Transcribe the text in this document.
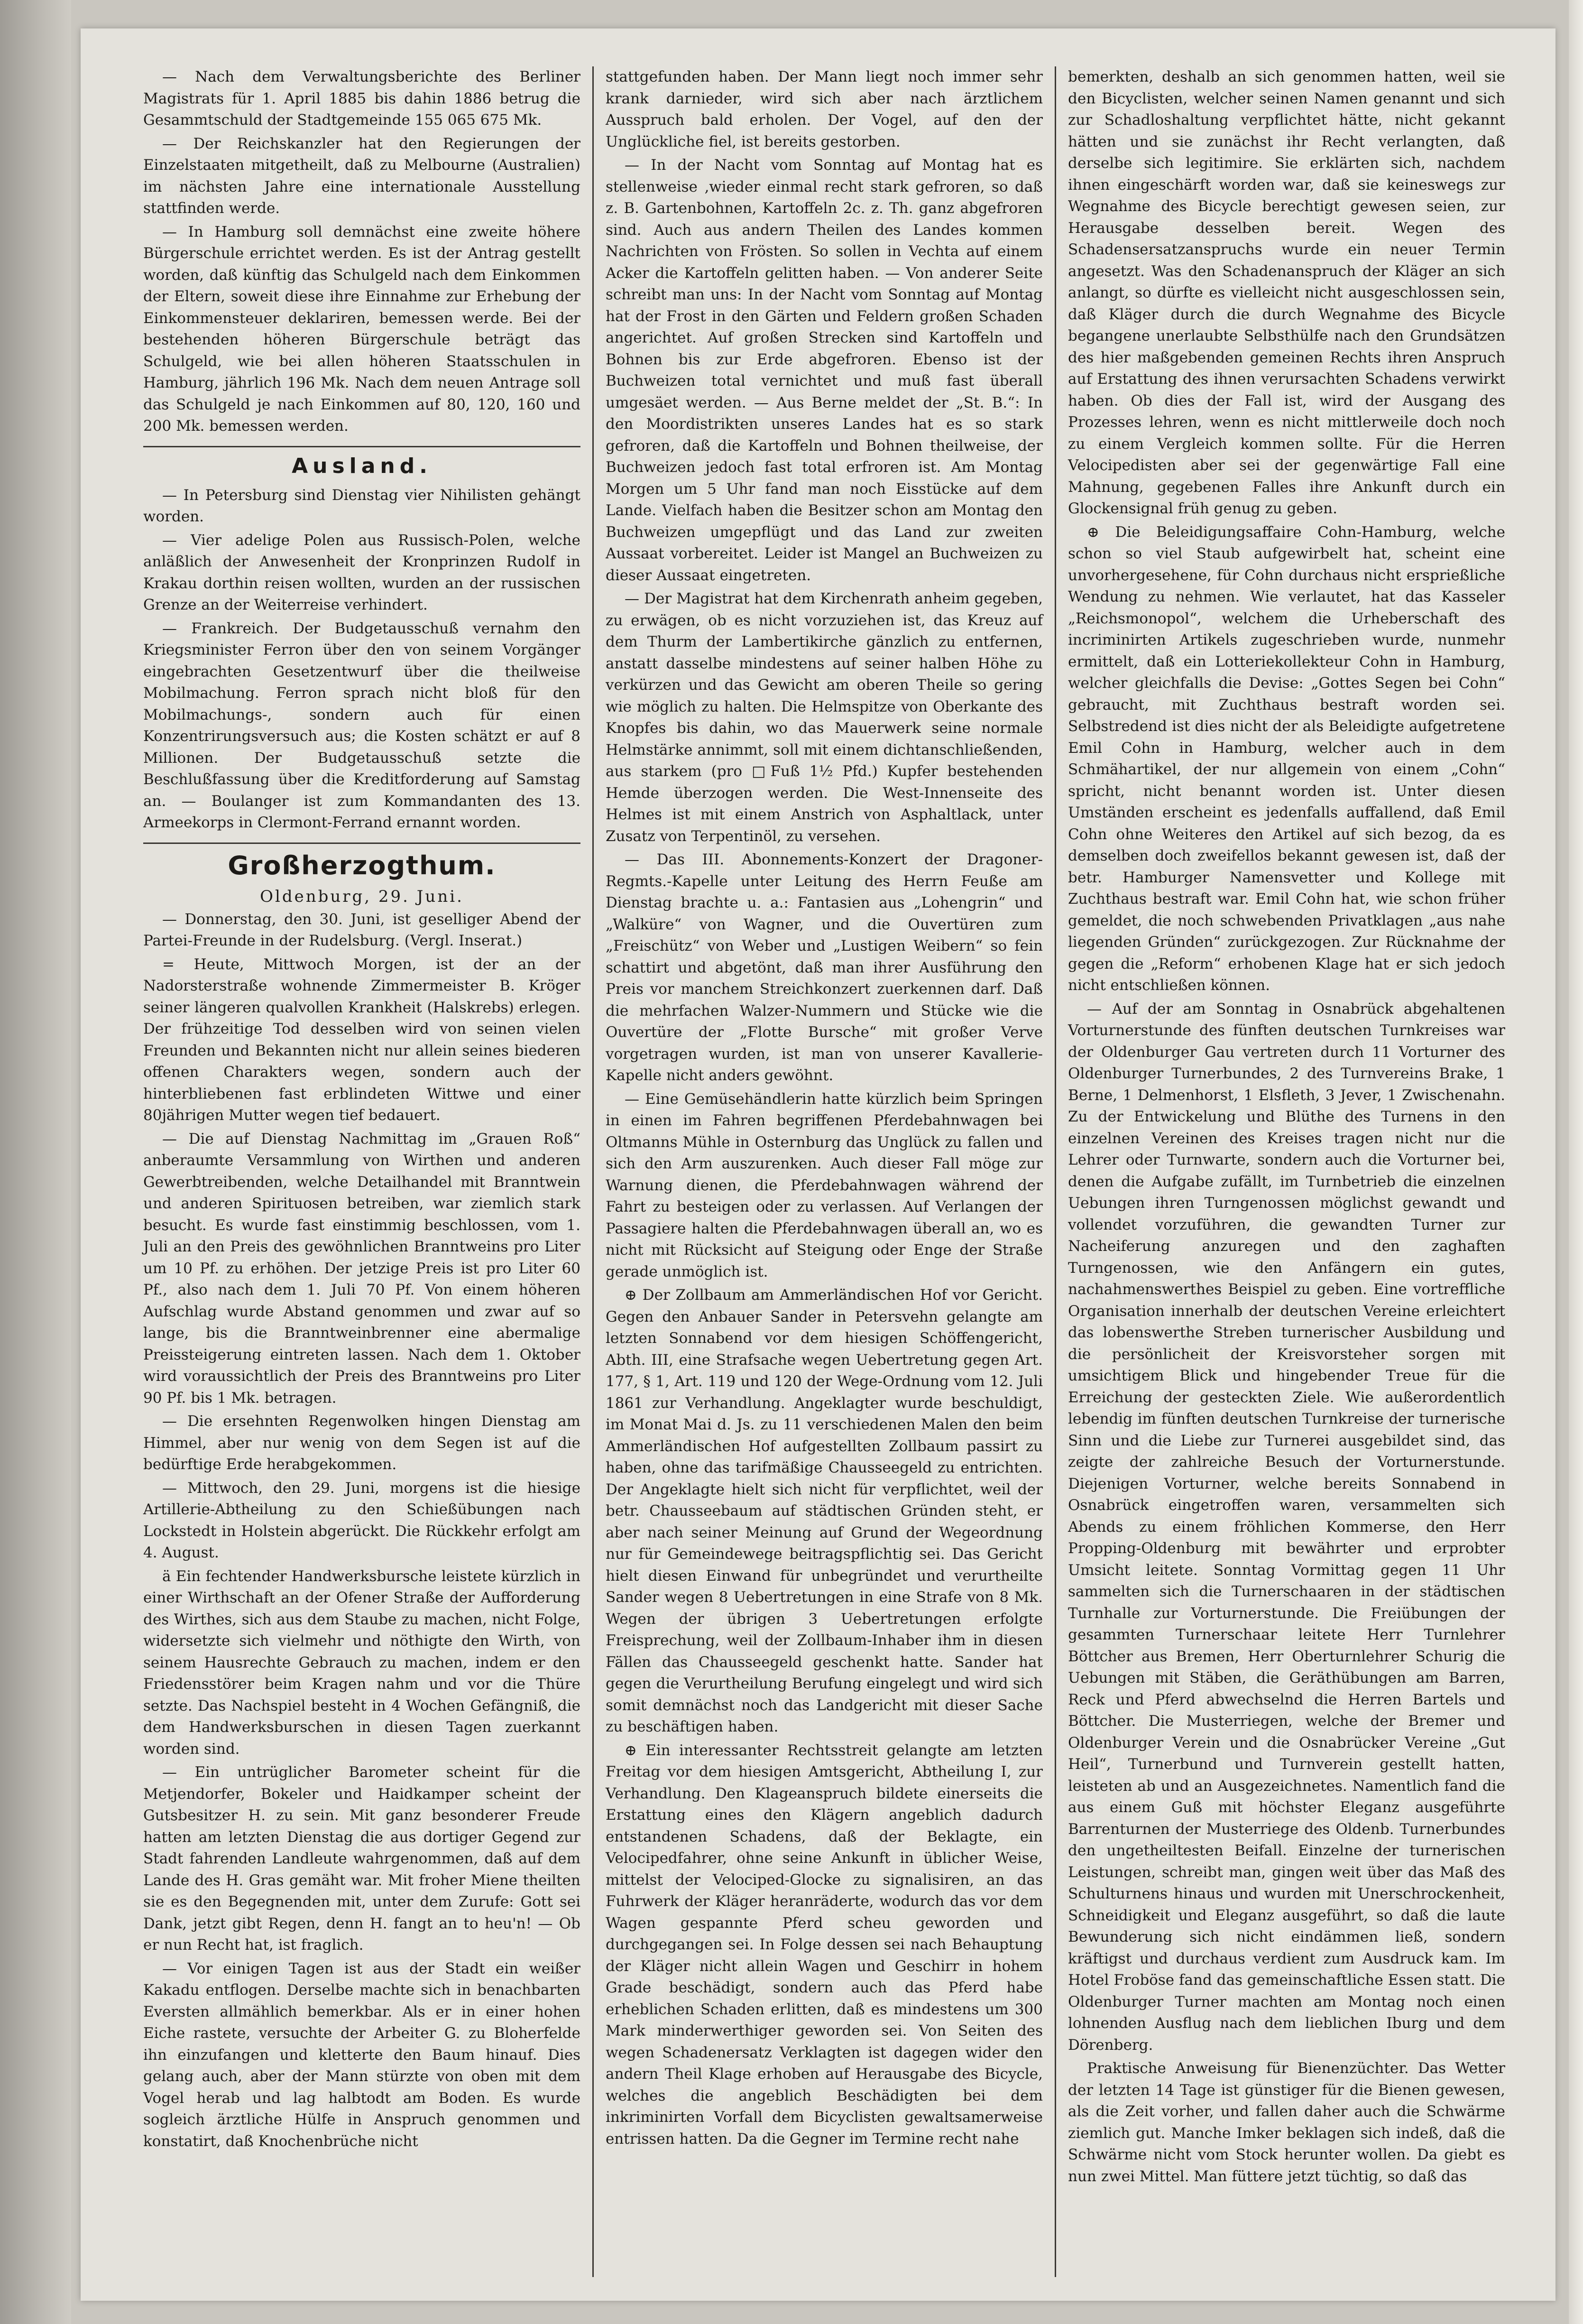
— Nach dem Verwaltungsberichte des Berliner Magistrats für 1. April 1885 bis dahin 1886 betrug die Gesammtschuld der Stadtgemeinde 155 065 675 Mk.

— Der Reichskanzler hat den Regierungen der Einzelstaaten mitgetheilt, daß zu Melbourne (Australien) im nächsten Jahre eine internationale Ausstellung stattfinden werde.

— In Hamburg soll demnächst eine zweite höhere Bürgerschule errichtet werden. Es ist der Antrag gestellt worden, daß künftig das Schulgeld nach dem Einkommen der Eltern, soweit diese ihre Einnahme zur Erhebung der Einkommensteuer deklariren, bemessen werde. Bei der bestehenden höheren Bürgerschule beträgt das Schulgeld, wie bei allen höheren Staatsschulen in Hamburg, jährlich 196 Mk. Nach dem neuen Antrage soll das Schulgeld je nach Einkommen auf 80, 120, 160 und 200 Mk. bemessen werden.

Ausland.

— In Petersburg sind Dienstag vier Nihilisten gehängt worden.

— Vier adelige Polen aus Russisch-Polen, welche anläßlich der Anwesenheit der Kronprinzen Rudolf in Krakau dorthin reisen wollten, wurden an der russischen Grenze an der Weiterreise verhindert.

— Frankreich. Der Budgetausschuß vernahm den Kriegsminister Ferron über den von seinem Vorgänger eingebrachten Gesetzentwurf über die theilweise Mobilmachung. Ferron sprach nicht bloß für den Mobilmachungs-, sondern auch für einen Konzentrirungsversuch aus; die Kosten schätzt er auf 8 Millionen. Der Budgetausschuß setzte die Beschlußfassung über die Kreditforderung auf Samstag an. — Boulanger ist zum Kommandanten des 13. Armeekorps in Clermont-Ferrand ernannt worden.

Großherzogthum.
Oldenburg, 29. Juni.

— Donnerstag, den 30. Juni, ist geselliger Abend der Partei-Freunde in der Rudelsburg. (Vergl. Inserat.)

= Heute, Mittwoch Morgen, ist der an der Nadorsterstraße wohnende Zimmermeister B. Kröger seiner längeren qualvollen Krankheit (Halskrebs) erlegen. Der frühzeitige Tod desselben wird von seinen vielen Freunden und Bekannten nicht nur allein seines biederen offenen Charakters wegen, sondern auch der hinterbliebenen fast erblindeten Wittwe und einer 80jährigen Mutter wegen tief bedauert.

— Die auf Dienstag Nachmittag im „Grauen Roß“ anberaumte Versammlung von Wirthen und anderen Gewerbtreibenden, welche Detailhandel mit Branntwein und anderen Spirituosen betreiben, war ziemlich stark besucht. Es wurde fast einstimmig beschlossen, vom 1. Juli an den Preis des gewöhnlichen Branntweins pro Liter um 10 Pf. zu erhöhen. Der jetzige Preis ist pro Liter 60 Pf., also nach dem 1. Juli 70 Pf. Von einem höheren Aufschlag wurde Abstand genommen und zwar auf so lange, bis die Branntweinbrenner eine abermalige Preissteigerung eintreten lassen. Nach dem 1. Oktober wird voraussichtlich der Preis des Branntweins pro Liter 90 Pf. bis 1 Mk. betragen.

— Die ersehnten Regenwolken hingen Dienstag am Himmel, aber nur wenig von dem Segen ist auf die bedürftige Erde herabgekommen.

— Mittwoch, den 29. Juni, morgens ist die hiesige Artillerie-Abtheilung zu den Schießübungen nach Lockstedt in Holstein abgerückt. Die Rückkehr erfolgt am 4. August.

ä Ein fechtender Handwerksbursche leistete kürzlich in einer Wirthschaft an der Ofener Straße der Aufforderung des Wirthes, sich aus dem Staube zu machen, nicht Folge, widersetzte sich vielmehr und nöthigte den Wirth, von seinem Hausrechte Gebrauch zu machen, indem er den Friedensstörer beim Kragen nahm und vor die Thüre setzte. Das Nachspiel besteht in 4 Wochen Gefängniß, die dem Handwerksburschen in diesen Tagen zuerkannt worden sind.

— Ein untrüglicher Barometer scheint für die Metjendorfer, Bokeler und Haidkamper scheint der Gutsbesitzer H. zu sein. Mit ganz besonderer Freude hatten am letzten Dienstag die aus dortiger Gegend zur Stadt fahrenden Landleute wahrgenommen, daß auf dem Lande des H. Gras gemäht war. Mit froher Miene theilten sie es den Begegnenden mit, unter dem Zurufe: Gott sei Dank, jetzt gibt Regen, denn H. fangt an to heu'n! — Ob er nun Recht hat, ist fraglich.

— Vor einigen Tagen ist aus der Stadt ein weißer Kakadu entflogen. Derselbe machte sich in benachbarten Eversten allmählich bemerkbar. Als er in einer hohen Eiche rastete, versuchte der Arbeiter G. zu Bloherfelde ihn einzufangen und kletterte den Baum hinauf. Dies gelang auch, aber der Mann stürzte von oben mit dem Vogel herab und lag halbtodt am Boden. Es wurde sogleich ärztliche Hülfe in Anspruch genommen und konstatirt, daß Knochenbrüche nicht

stattgefunden haben. Der Mann liegt noch immer sehr krank darnieder, wird sich aber nach ärztlichem Ausspruch bald erholen. Der Vogel, auf den der Unglückliche fiel, ist bereits gestorben.

— In der Nacht vom Sonntag auf Montag hat es stellenweise ‚wieder einmal recht stark gefroren, so daß z. B. Gartenbohnen, Kartoffeln 2c. z. Th. ganz abgefroren sind. Auch aus andern Theilen des Landes kommen Nachrichten von Frösten. So sollen in Vechta auf einem Acker die Kartoffeln gelitten haben. — Von anderer Seite schreibt man uns: In der Nacht vom Sonntag auf Montag hat der Frost in den Gärten und Feldern großen Schaden angerichtet. Auf großen Strecken sind Kartoffeln und Bohnen bis zur Erde abgefroren. Ebenso ist der Buchweizen total vernichtet und muß fast überall umgesäet werden. — Aus Berne meldet der „St. B.“: In den Moordistrikten unseres Landes hat es so stark gefroren, daß die Kartoffeln und Bohnen theilweise, der Buchweizen jedoch fast total erfroren ist. Am Montag Morgen um 5 Uhr fand man noch Eisstücke auf dem Lande. Vielfach haben die Besitzer schon am Montag den Buchweizen umgepflügt und das Land zur zweiten Aussaat vorbereitet. Leider ist Mangel an Buchweizen zu dieser Aussaat eingetreten.

— Der Magistrat hat dem Kirchenrath anheim gegeben, zu erwägen, ob es nicht vorzuziehen ist, das Kreuz auf dem Thurm der Lambertikirche gänzlich zu entfernen, anstatt dasselbe mindestens auf seiner halben Höhe zu verkürzen und das Gewicht am oberen Theile so gering wie möglich zu halten. Die Helmspitze von Oberkante des Knopfes bis dahin, wo das Mauerwerk seine normale Helmstärke annimmt, soll mit einem dichtanschließenden, aus starkem (pro □Fuß 1½ Pfd.) Kupfer bestehenden Hemde überzogen werden. Die West-Innenseite des Helmes ist mit einem Anstrich von Asphaltlack, unter Zusatz von Terpentinöl, zu versehen.

— Das III. Abonnements-Konzert der Dragoner-Regmts.-Kapelle unter Leitung des Herrn Feuße am Dienstag brachte u. a.: Fantasien aus „Lohengrin“ und „Walküre“ von Wagner, und die Ouvertüren zum „Freischütz“ von Weber und „Lustigen Weibern“ so fein schattirt und abgetönt, daß man ihrer Ausführung den Preis vor manchem Streichkonzert zuerkennen darf. Daß die mehrfachen Walzer-Nummern und Stücke wie die Ouvertüre der „Flotte Bursche“ mit großer Verve vorgetragen wurden, ist man von unserer Kavallerie-Kapelle nicht anders gewöhnt.

— Eine Gemüsehändlerin hatte kürzlich beim Springen in einen im Fahren begriffenen Pferdebahnwagen bei Oltmanns Mühle in Osternburg das Unglück zu fallen und sich den Arm auszurenken. Auch dieser Fall möge zur Warnung dienen, die Pferdebahnwagen während der Fahrt zu besteigen oder zu verlassen. Auf Verlangen der Passagiere halten die Pferdebahnwagen überall an, wo es nicht mit Rücksicht auf Steigung oder Enge der Straße gerade unmöglich ist.

⊕ Der Zollbaum am Ammerländischen Hof vor Gericht. Gegen den Anbauer Sander in Petersvehn gelangte am letzten Sonnabend vor dem hiesigen Schöffengericht, Abth. III, eine Strafsache wegen Uebertretung gegen Art. 177, § 1, Art. 119 und 120 der Wege-Ordnung vom 12. Juli 1861 zur Verhandlung. Angeklagter wurde beschuldigt, im Monat Mai d. Js. zu 11 verschiedenen Malen den beim Ammerländischen Hof aufgestellten Zollbaum passirt zu haben, ohne das tarifmäßige Chausseegeld zu entrichten. Der Angeklagte hielt sich nicht für verpflichtet, weil der betr. Chausseebaum auf städtischen Gründen steht, er aber nach seiner Meinung auf Grund der Wegeordnung nur für Gemeindewege beitragspflichtig sei. Das Gericht hielt diesen Einwand für unbegründet und verurtheilte Sander wegen 8 Uebertretungen in eine Strafe von 8 Mk. Wegen der übrigen 3 Uebertretungen erfolgte Freisprechung, weil der Zollbaum-Inhaber ihm in diesen Fällen das Chausseegeld geschenkt hatte. Sander hat gegen die Verurtheilung Berufung eingelegt und wird sich somit demnächst noch das Landgericht mit dieser Sache zu beschäftigen haben.

⊕ Ein interessanter Rechtsstreit gelangte am letzten Freitag vor dem hiesigen Amtsgericht, Abtheilung I, zur Verhandlung. Den Klageanspruch bildete einerseits die Erstattung eines den Klägern angeblich dadurch entstandenen Schadens, daß der Beklagte, ein Velocipedfahrer, ohne seine Ankunft in üblicher Weise, mittelst der Velociped-Glocke zu signalisiren, an das Fuhrwerk der Kläger heranräderte, wodurch das vor dem Wagen gespannte Pferd scheu geworden und durchgegangen sei. In Folge dessen sei nach Behauptung der Kläger nicht allein Wagen und Geschirr in hohem Grade beschädigt, sondern auch das Pferd habe erheblichen Schaden erlitten, daß es mindestens um 300 Mark minderwerthiger geworden sei. Von Seiten des wegen Schadenersatz Verklagten ist dagegen wider den andern Theil Klage erhoben auf Herausgabe des Bicycle, welches die angeblich Beschädigten bei dem inkriminirten Vorfall dem Bicyclisten gewaltsamerweise entrissen hatten. Da die Gegner im Termine recht nahe

bemerkten, deshalb an sich genommen hatten, weil sie den Bicyclisten, welcher seinen Namen genannt und sich zur Schadloshaltung verpflichtet hätte, nicht gekannt hätten und sie zunächst ihr Recht verlangten, daß derselbe sich legitimire. Sie erklärten sich, nachdem ihnen eingeschärft worden war, daß sie keineswegs zur Wegnahme des Bicycle berechtigt gewesen seien, zur Herausgabe desselben bereit. Wegen des Schadensersatzanspruchs wurde ein neuer Termin angesetzt. Was den Schadenanspruch der Kläger an sich anlangt, so dürfte es vielleicht nicht ausgeschlossen sein, daß Kläger durch die durch Wegnahme des Bicycle begangene unerlaubte Selbsthülfe nach den Grundsätzen des hier maßgebenden gemeinen Rechts ihren Anspruch auf Erstattung des ihnen verursachten Schadens verwirkt haben. Ob dies der Fall ist, wird der Ausgang des Prozesses lehren, wenn es nicht mittlerweile doch noch zu einem Vergleich kommen sollte. Für die Herren Velocipedisten aber sei der gegenwärtige Fall eine Mahnung, gegebenen Falles ihre Ankunft durch ein Glockensignal früh genug zu geben.

⊕ Die Beleidigungsaffaire Cohn-Hamburg, welche schon so viel Staub aufgewirbelt hat, scheint eine unvorhergesehene, für Cohn durchaus nicht ersprießliche Wendung zu nehmen. Wie verlautet, hat das Kasseler „Reichsmonopol“, welchem die Urheberschaft des incriminirten Artikels zugeschrieben wurde, nunmehr ermittelt, daß ein Lotteriekollekteur Cohn in Hamburg, welcher gleichfalls die Devise: „Gottes Segen bei Cohn“ gebraucht, mit Zuchthaus bestraft worden sei. Selbstredend ist dies nicht der als Beleidigte aufgetretene Emil Cohn in Hamburg, welcher auch in dem Schmähartikel, der nur allgemein von einem „Cohn“ spricht, nicht benannt worden ist. Unter diesen Umständen erscheint es jedenfalls auffallend, daß Emil Cohn ohne Weiteres den Artikel auf sich bezog, da es demselben doch zweifellos bekannt gewesen ist, daß der betr. Hamburger Namensvetter und Kollege mit Zuchthaus bestraft war. Emil Cohn hat, wie schon früher gemeldet, die noch schwebenden Privatklagen „aus nahe liegenden Gründen“ zurückgezogen. Zur Rücknahme der gegen die „Reform“ erhobenen Klage hat er sich jedoch nicht entschließen können.

— Auf der am Sonntag in Osnabrück abgehaltenen Vorturnerstunde des fünften deutschen Turnkreises war der Oldenburger Gau vertreten durch 11 Vorturner des Oldenburger Turnerbundes, 2 des Turnvereins Brake, 1 Berne, 1 Delmenhorst, 1 Elsfleth, 3 Jever, 1 Zwischenahn. Zu der Entwickelung und Blüthe des Turnens in den einzelnen Vereinen des Kreises tragen nicht nur die Lehrer oder Turnwarte, sondern auch die Vorturner bei, denen die Aufgabe zufällt, im Turnbetrieb die einzelnen Uebungen ihren Turngenossen möglichst gewandt und vollendet vorzuführen, die gewandten Turner zur Nacheiferung anzuregen und den zaghaften Turngenossen, wie den Anfängern ein gutes, nachahmenswerthes Beispiel zu geben. Eine vortreffliche Organisation innerhalb der deutschen Vereine erleichtert das lobenswerthe Streben turnerischer Ausbildung und die persönlicheit der Kreisvorsteher sorgen mit umsichtigem Blick und hingebender Treue für die Erreichung der gesteckten Ziele. Wie außerordentlich lebendig im fünften deutschen Turnkreise der turnerische Sinn und die Liebe zur Turnerei ausgebildet sind, das zeigte der zahlreiche Besuch der Vorturnerstunde. Diejenigen Vorturner, welche bereits Sonnabend in Osnabrück eingetroffen waren, versammelten sich Abends zu einem fröhlichen Kommerse, den Herr Propping-Oldenburg mit bewährter und erprobter Umsicht leitete. Sonntag Vormittag gegen 11 Uhr sammelten sich die Turnerschaaren in der städtischen Turnhalle zur Vorturnerstunde. Die Freiübungen der gesammten Turnerschaar leitete Herr Turnlehrer Böttcher aus Bremen, Herr Oberturnlehrer Schurig die Uebungen mit Stäben, die Geräthübungen am Barren, Reck und Pferd abwechselnd die Herren Bartels und Böttcher. Die Musterriegen, welche der Bremer und Oldenburger Verein und die Osnabrücker Vereine „Gut Heil“, Turnerbund und Turnverein gestellt hatten, leisteten ab und an Ausgezeichnetes. Namentlich fand die aus einem Guß mit höchster Eleganz ausgeführte Barrenturnen der Musterriege des Oldenb. Turnerbundes den ungetheiltesten Beifall. Einzelne der turnerischen Leistungen, schreibt man, gingen weit über das Maß des Schulturnens hinaus und wurden mit Unerschrockenheit, Schneidigkeit und Eleganz ausgeführt, so daß die laute Bewunderung sich nicht eindämmen ließ, sondern kräftigst und durchaus verdient zum Ausdruck kam. Im Hotel Froböse fand das gemeinschaftliche Essen statt. Die Oldenburger Turner machten am Montag noch einen lohnenden Ausflug nach dem lieblichen Iburg und dem Dörenberg.

Praktische Anweisung für Bienenzüchter. Das Wetter der letzten 14 Tage ist günstiger für die Bienen gewesen, als die Zeit vorher, und fallen daher auch die Schwärme ziemlich gut. Manche Imker beklagen sich indeß, daß die Schwärme nicht vom Stock herunter wollen. Da giebt es nun zwei Mittel. Man füttere jetzt tüchtig, so daß das
